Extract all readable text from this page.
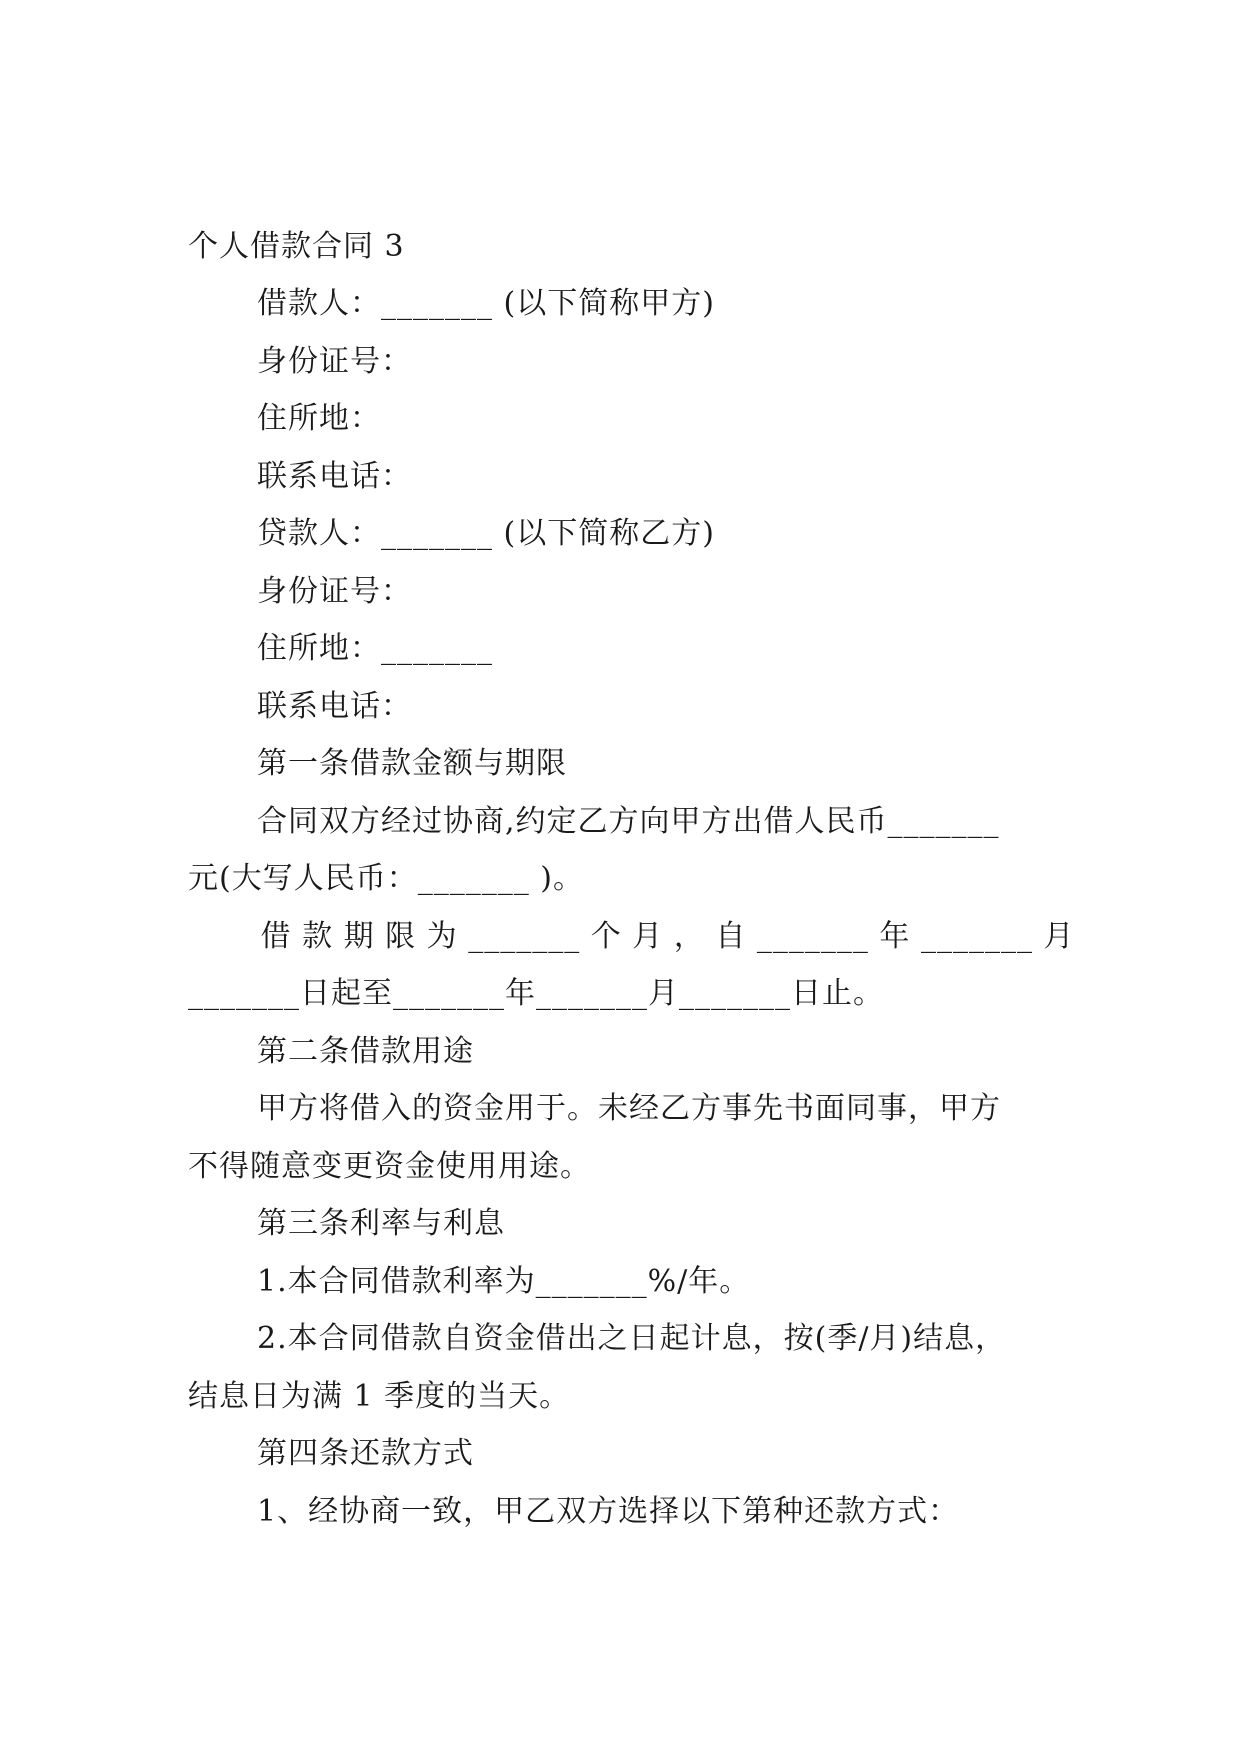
个人借款合同 3
借款人：_______ (以下简称甲方)
身份证号：
住所地：
联系电话：
贷款人：_______ (以下简称乙方)
身份证号：
住所地：_______
联系电话：
第一条借款金额与期限
合同双方经过协商,约定乙方向甲方出借人民币_______
元(大写人民币：_______ )。
借 款 期 限 为 _______ 个 月 ， 自 _______ 年 _______ 月
_______日起至_______年_______月_______日止。
第二条借款用途
甲方将借入的资金用于。未经乙方事先书面同事，甲方
不得随意变更资金使用用途。
第三条利率与利息
1.本合同借款利率为_______%/年。
2.本合同借款自资金借出之日起计息，按(季/月)结息，
结息日为满 1 季度的当天。
第四条还款方式
1、经协商一致，甲乙双方选择以下第种还款方式：
